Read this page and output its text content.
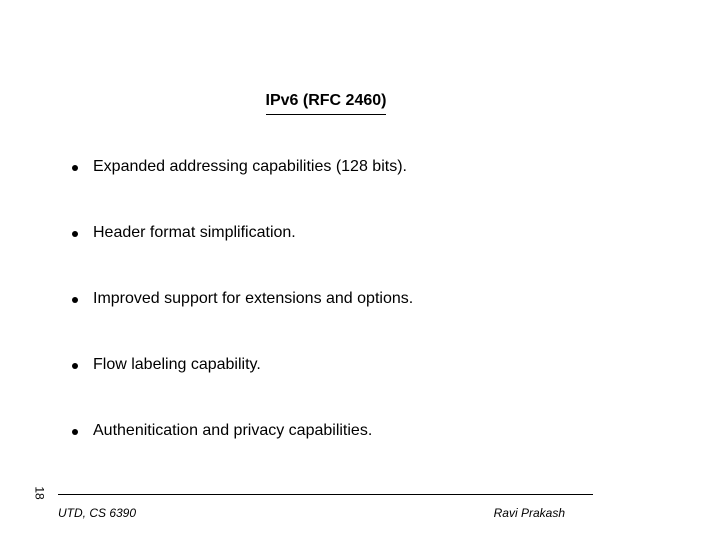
IPv6 (RFC 2460)
Expanded addressing capabilities (128 bits).
Header format simplification.
Improved support for extensions and options.
Flow labeling capability.
Authenitication and privacy capabilities.
18
UTD, CS 6390	Ravi Prakash
